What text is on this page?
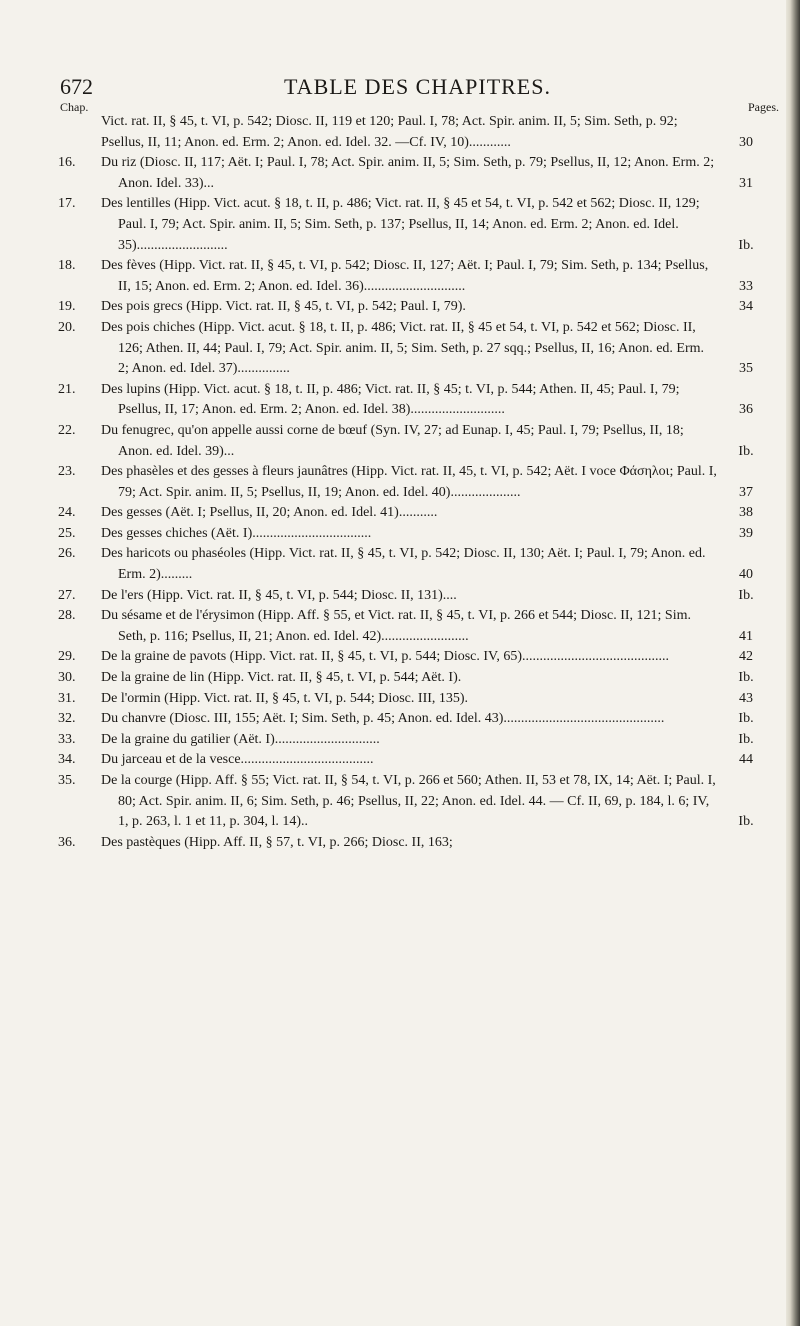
672	TABLE DES CHAPITRES.
Chap.	Pages.
Vict. rat. II, § 45, t. VI, p. 542; Diosc. II, 119 et 120; Paul. I, 78; Act. Spir. anim. II, 5; Sim. Seth, p. 92; Psellus, II, 11; Anon. ed. Erm. 2; Anon. ed. Idel. 32. —Cf. IV, 10)............	30
16.	Du riz (Diosc. II, 117; Aët. I; Paul. I, 78; Act. Spir. anim. II, 5; Sim. Seth, p. 79; Psellus, II, 12; Anon. Erm. 2; Anon. Idel. 33)...	31
17.	Des lentilles (Hipp. Vict. acut. § 18, t. II, p. 486; Vict. rat. II, § 45 et 54, t. VI, p. 542 et 562; Diosc. II, 129; Paul. I, 79; Act. Spir. anim. II, 5; Sim. Seth, p. 137; Psellus, II, 14; Anon. ed. Erm. 2; Anon. ed. Idel. 35)..........................	Ib.
18.	Des fèves (Hipp. Vict. rat. II, § 45, t. VI, p. 542; Diosc. II, 127; Aët. I; Paul. I, 79; Sim. Seth, p. 134; Psellus, II, 15; Anon. ed. Erm. 2; Anon. ed. Idel. 36).............................	33
19.	Des pois grecs (Hipp. Vict. rat. II, § 45, t. VI, p. 542; Paul. I, 79).	34
20.	Des pois chiches (Hipp. Vict. acut. § 18, t. II, p. 486; Vict. rat. II, § 45 et 54, t. VI, p. 542 et 562; Diosc. II, 126; Athen. II, 44; Paul. I, 79; Act. Spir. anim. II, 5; Sim. Seth, p. 27 sqq.; Psellus, II, 16; Anon. ed. Erm. 2; Anon. ed. Idel. 37)...............	35
21.	Des lupins (Hipp. Vict. acut. § 18, t. II, p. 486; Vict. rat. II, § 45; t. VI, p. 544; Athen. II, 45; Paul. I, 79; Psellus, II, 17; Anon. ed. Erm. 2; Anon. ed. Idel. 38)...........................	36
22.	Du fenugrec, qu'on appelle aussi corne de bœuf (Syn. IV, 27; ad Eunap. I, 45; Paul. I, 79; Psellus, II, 18; Anon. ed. Idel. 39)...	Ib.
23.	Des phasèles et des gesses à fleurs jaunâtres (Hipp. Vict. rat. II, 45, t. VI, p. 542; Aët. I voce Φάσηλοι; Paul. I, 79; Act. Spir. anim. II, 5; Psellus, II, 19; Anon. ed. Idel. 40)....................	37
24.	Des gesses (Aët. I; Psellus, II, 20; Anon. ed. Idel. 41)...........	38
25.	Des gesses chiches (Aët. I)..................................	39
26.	Des haricots ou phaséoles (Hipp. Vict. rat. II, § 45, t. VI, p. 542; Diosc. II, 130; Aët. I; Paul. I, 79; Anon. ed. Erm. 2).........	40
27.	De l'ers (Hipp. Vict. rat. II, § 45, t. VI, p. 544; Diosc. II, 131)....	Ib.
28.	Du sésame et de l'érysimon (Hipp. Aff. § 55, et Vict. rat. II, § 45, t. VI, p. 266 et 544; Diosc. II, 121; Sim. Seth, p. 116; Psellus, II, 21; Anon. ed. Idel. 42).........................	41
29.	De la graine de pavots (Hipp. Vict. rat. II, § 45, t. VI, p. 544; Diosc. IV, 65)..........................................	42
30.	De la graine de lin (Hipp. Vict. rat. II, § 45, t. VI, p. 544; Aët. I).	Ib.
31.	De l'ormin (Hipp. Vict. rat. II, § 45, t. VI, p. 544; Diosc. III, 135).	43
32.	Du chanvre (Diosc. III, 155; Aët. I; Sim. Seth, p. 45; Anon. ed. Idel. 43)..............................................	Ib.
33.	De la graine du gatilier (Aët. I)..............................	Ib.
34.	Du jarceau et de la vesce......................................	44
35.	De la courge (Hipp. Aff. § 55; Vict. rat. II, § 54, t. VI, p. 266 et 560; Athen. II, 53 et 78, IX, 14; Aët. I; Paul. I, 80; Act. Spir. anim. II, 6; Sim. Seth, p. 46; Psellus, II, 22; Anon. ed. Idel. 44. — Cf. II, 69, p. 184, l. 6; IV, 1, p. 263, l. 1 et 11, p. 304, l. 14)..	Ib.
36.	Des pastèques (Hipp. Aff. II, § 57, t. VI, p. 266; Diosc. II, 163;
